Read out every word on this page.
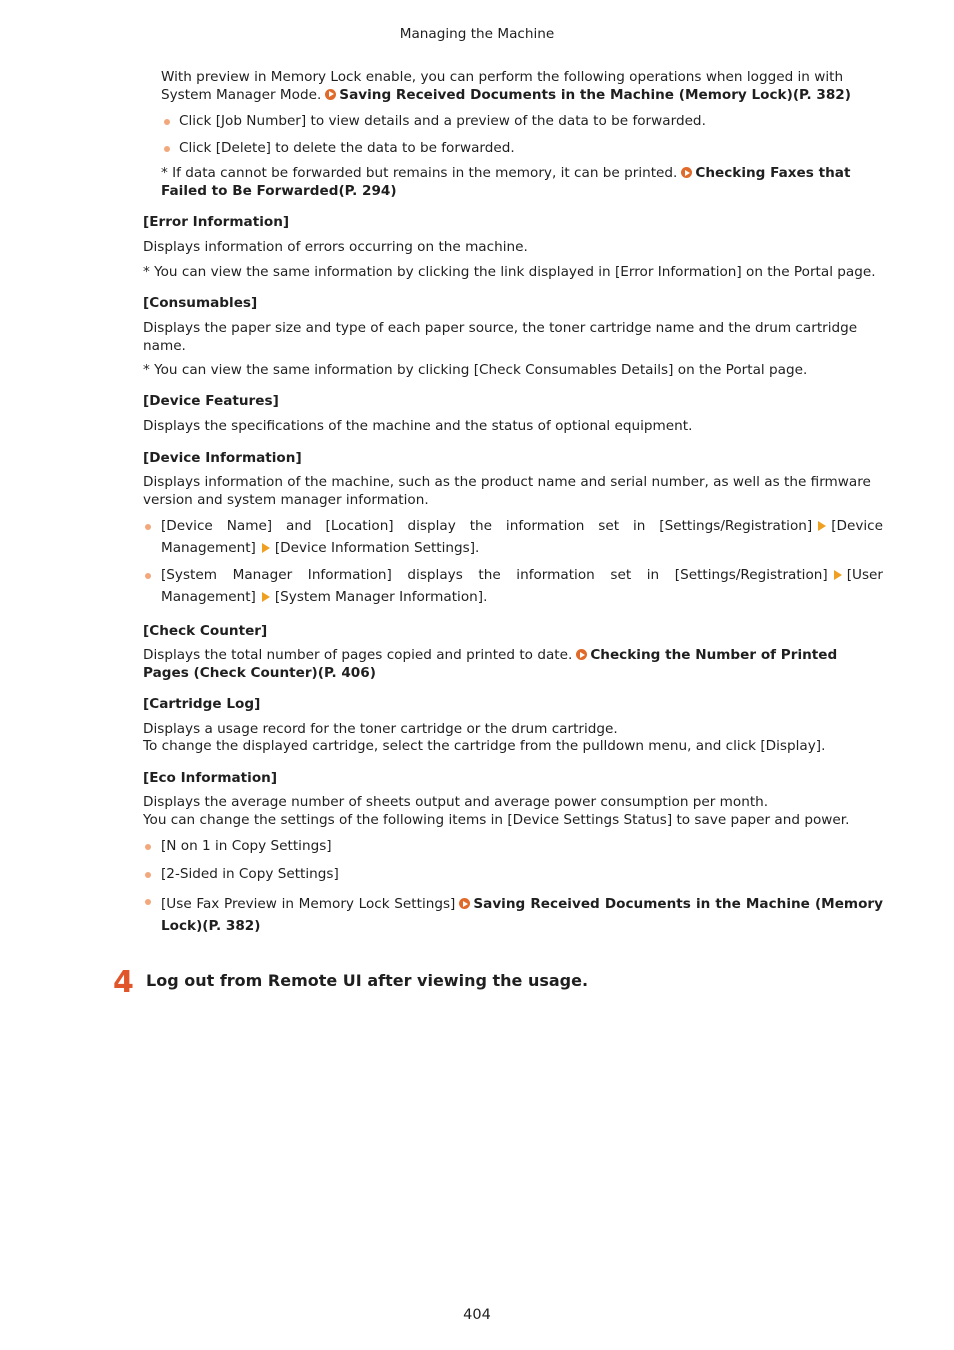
Managing the Machine

With preview in Memory Lock enable, you can perform the following operations when logged in with System Manager Mode. Saving Received Documents in the Machine (Memory Lock)(P. 382)

Click [Job Number] to view details and a preview of the data to be forwarded.
Click [Delete] to delete the data to be forwarded.

* If data cannot be forwarded but remains in the memory, it can be printed. Checking Faxes that Failed to Be Forwarded(P. 294)

[Error Information]
Displays information of errors occurring on the machine.
* You can view the same information by clicking the link displayed in [Error Information] on the Portal page.
[Consumables]
Displays the paper size and type of each paper source, the toner cartridge name and the drum cartridge name.
* You can view the same information by clicking [Check Consumables Details] on the Portal page.
[Device Features]
Displays the specifications of the machine and the status of optional equipment.
[Device Information]
Displays information of the machine, such as the product name and serial number, as well as the firmware version and system manager information.
[Device Name] and [Location] display the information set in [Settings/Registration] [Device
Management] [Device Information Settings].
[System Manager Information] displays the information set in [Settings/Registration] [User
Management] [System Manager Information].
[Check Counter]

Displays the total number of pages copied and printed to date. Checking the Number of Printed Pages (Check Counter)(P. 406)

[Cartridge Log]
Displays a usage record for the toner cartridge or the drum cartridge.
To change the displayed cartridge, select the cartridge from the pulldown menu, and click [Display].
[Eco Information]
Displays the average number of sheets output and average power consumption per month.
You can change the settings of the following items in [Device Settings Status] to save paper and power.
[N on 1 in Copy Settings]
[2-Sided in Copy Settings]
[Use Fax Preview in Memory Lock Settings] Saving Received Documents in the Machine (Memory Lock)(P. 382)
4 Log out from Remote UI after viewing the usage.
404
